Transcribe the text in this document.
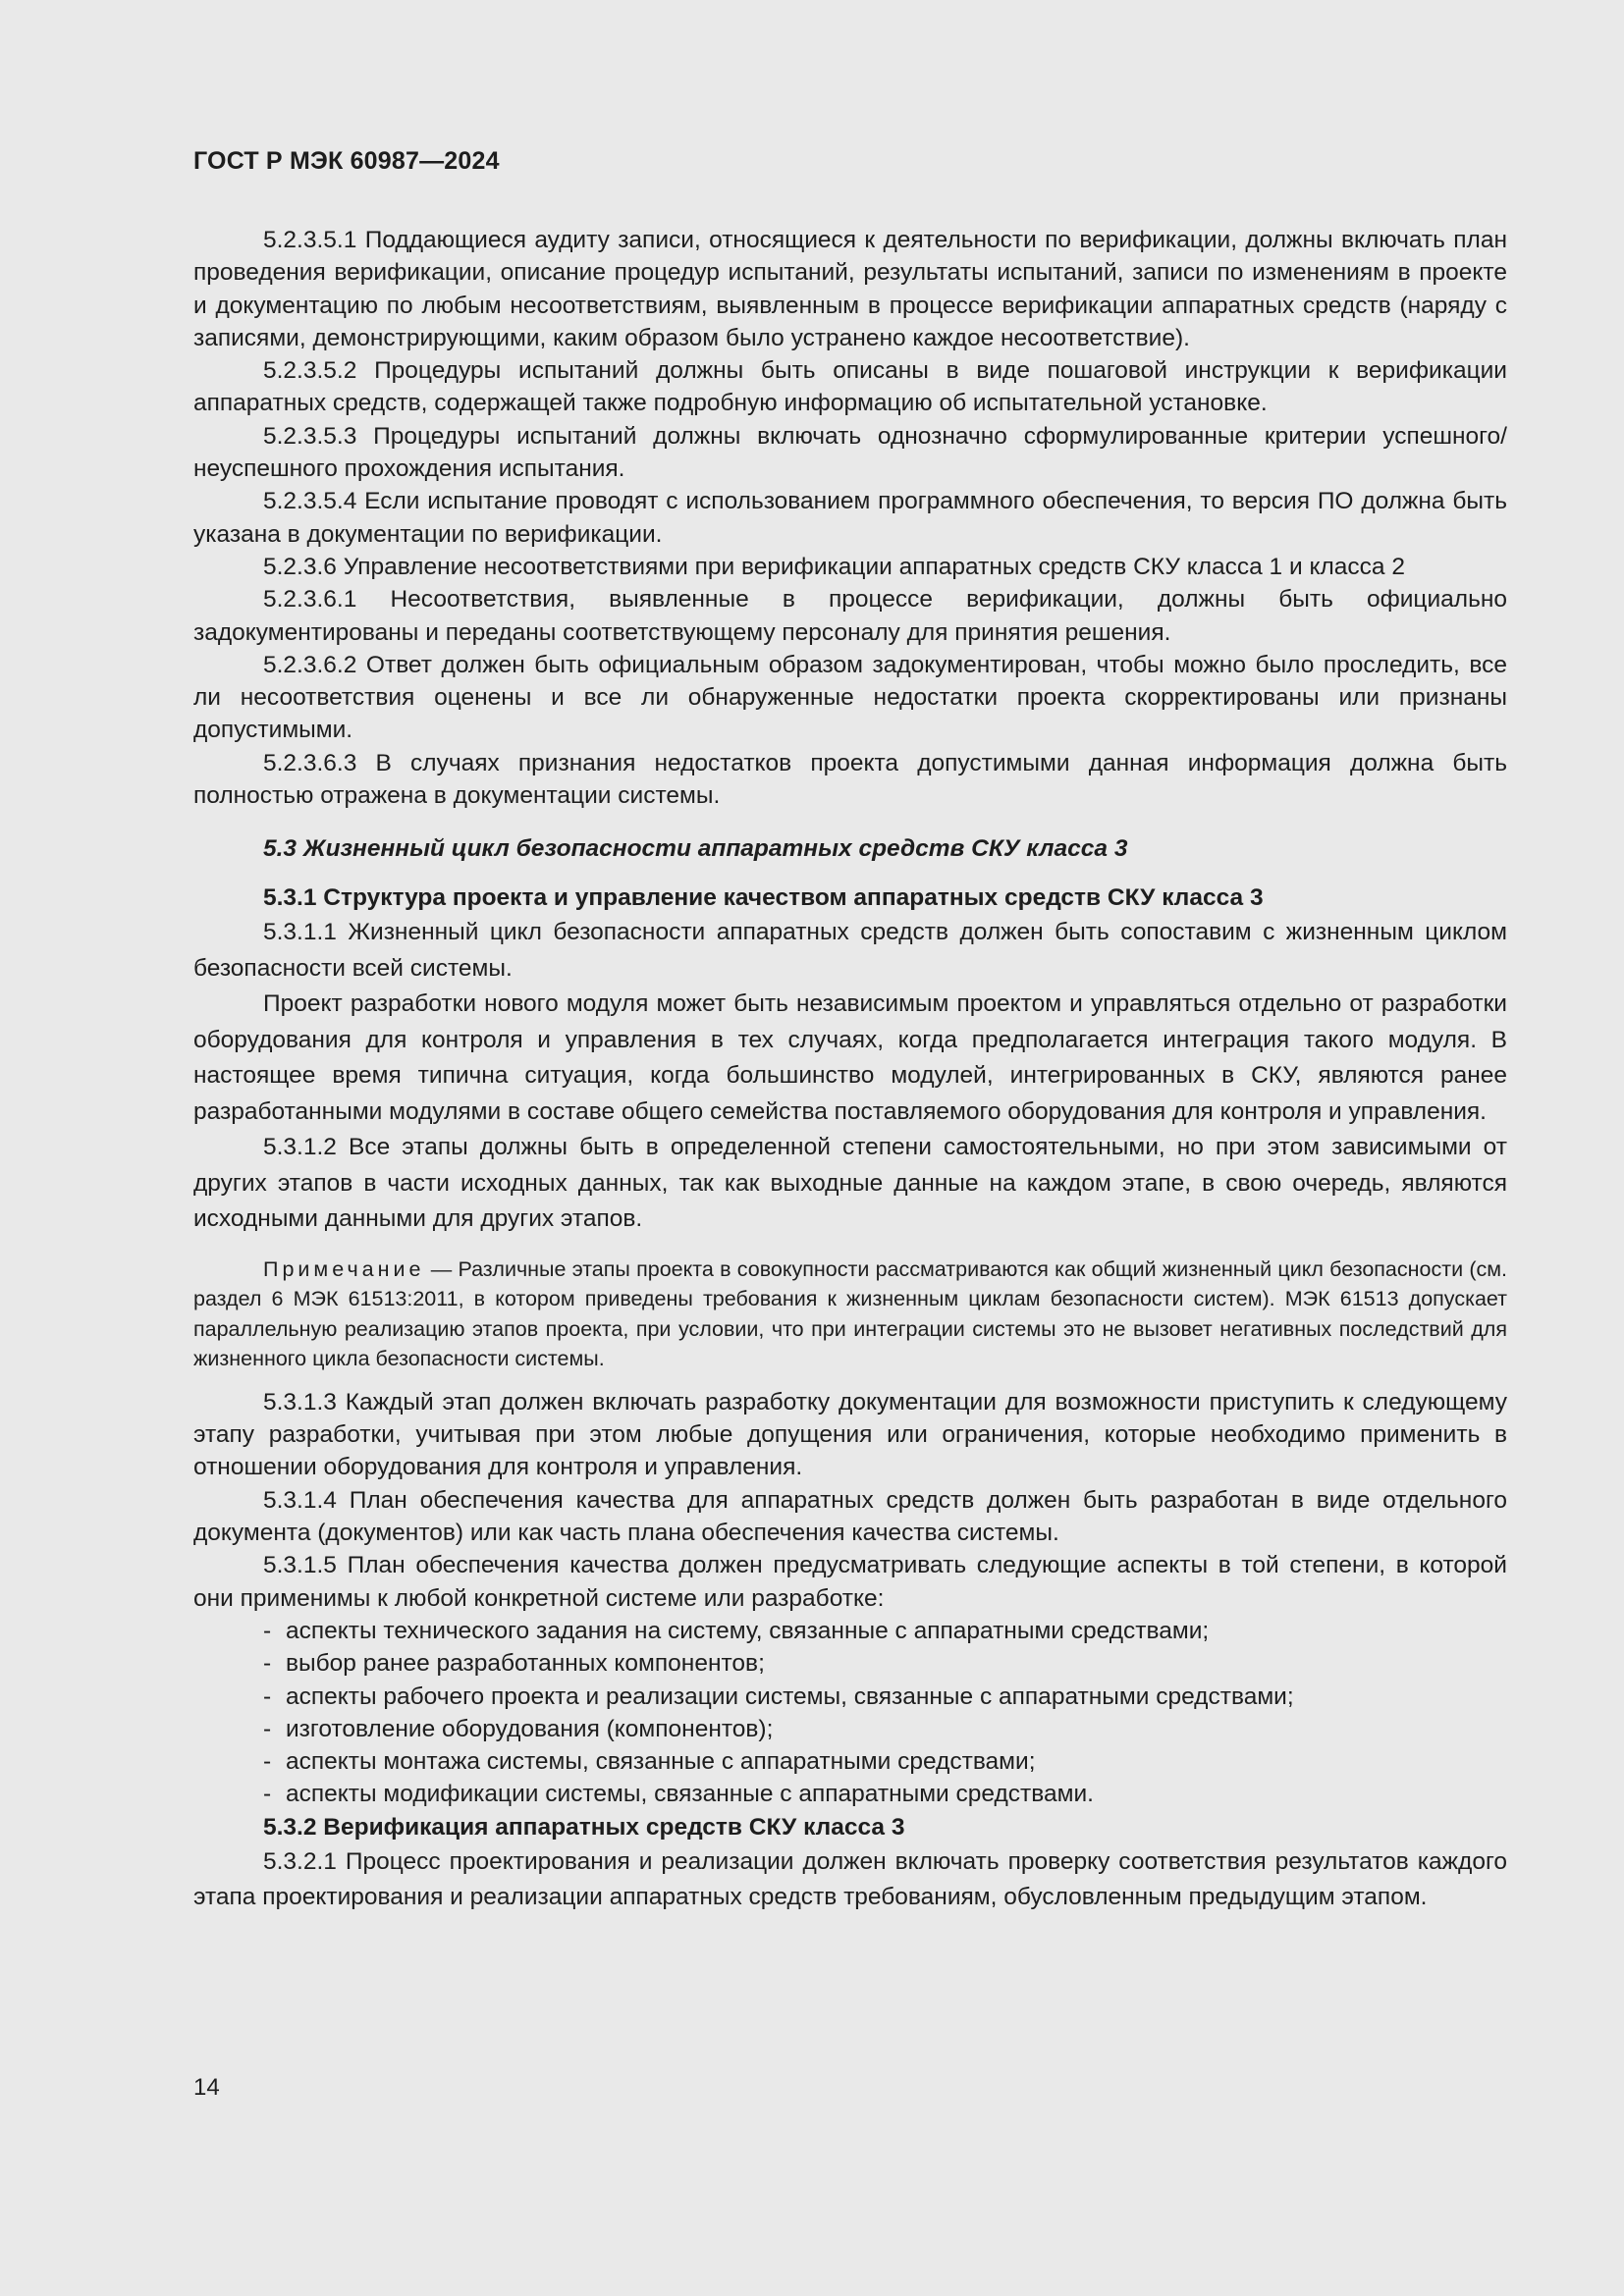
ГОСТ Р МЭК 60987—2024

5.2.3.5.1 Поддающиеся аудиту записи, относящиеся к деятельности по верификации, должны включать план проведения верификации, описание процедур испытаний, результаты испытаний, записи по изменениям в проекте и документацию по любым несоответствиям, выявленным в процессе верификации аппаратных средств (наряду с записями, демонстрирующими, каким образом было устранено каждое несоответствие).

5.2.3.5.2 Процедуры испытаний должны быть описаны в виде пошаговой инструкции к верификации аппаратных средств, содержащей также подробную информацию об испытательной установке.

5.2.3.5.3 Процедуры испытаний должны включать однозначно сформулированные критерии успешного/неуспешного прохождения испытания.

5.2.3.5.4 Если испытание проводят с использованием программного обеспечения, то версия ПО должна быть указана в документации по верификации.

5.2.3.6 Управление несоответствиями при верификации аппаратных средств СКУ класса 1 и класса 2

5.2.3.6.1 Несоответствия, выявленные в процессе верификации, должны быть официально задокументированы и переданы соответствующему персоналу для принятия решения.

5.2.3.6.2 Ответ должен быть официальным образом задокументирован, чтобы можно было проследить, все ли несоответствия оценены и все ли обнаруженные недостатки проекта скорректированы или признаны допустимыми.

5.2.3.6.3 В случаях признания недостатков проекта допустимыми данная информация должна быть полностью отражена в документации системы.

5.3 Жизненный цикл безопасности аппаратных средств СКУ класса 3
5.3.1 Структура проекта и управление качеством аппаратных средств СКУ класса 3

5.3.1.1 Жизненный цикл безопасности аппаратных средств должен быть сопоставим с жизненным циклом безопасности всей системы.

Проект разработки нового модуля может быть независимым проектом и управляться отдельно от разработки оборудования для контроля и управления в тех случаях, когда предполагается интеграция такого модуля. В настоящее время типична ситуация, когда большинство модулей, интегрированных в СКУ, являются ранее разработанными модулями в составе общего семейства поставляемого оборудования для контроля и управления.

5.3.1.2 Все этапы должны быть в определенной степени самостоятельными, но при этом зависимыми от других этапов в части исходных данных, так как выходные данные на каждом этапе, в свою очередь, являются исходными данными для других этапов.

Примечание — Различные этапы проекта в совокупности рассматриваются как общий жизненный цикл безопасности (см. раздел 6 МЭК 61513:2011, в котором приведены требования к жизненным циклам безопасности систем). МЭК 61513 допускает параллельную реализацию этапов проекта, при условии, что при интеграции системы это не вызовет негативных последствий для жизненного цикла безопасности системы.

5.3.1.3 Каждый этап должен включать разработку документации для возможности приступить к следующему этапу разработки, учитывая при этом любые допущения или ограничения, которые необходимо применить в отношении оборудования для контроля и управления.

5.3.1.4 План обеспечения качества для аппаратных средств должен быть разработан в виде отдельного документа (документов) или как часть плана обеспечения качества системы.

5.3.1.5 План обеспечения качества должен предусматривать следующие аспекты в той степени, в которой они применимы к любой конкретной системе или разработке:

- аспекты технического задания на систему, связанные с аппаратными средствами;
- выбор ранее разработанных компонентов;
- аспекты рабочего проекта и реализации системы, связанные с аппаратными средствами;
- изготовление оборудования (компонентов);
- аспекты монтажа системы, связанные с аппаратными средствами;
- аспекты модификации системы, связанные с аппаратными средствами.
5.3.2 Верификация аппаратных средств СКУ класса 3

5.3.2.1 Процесс проектирования и реализации должен включать проверку соответствия результатов каждого этапа проектирования и реализации аппаратных средств требованиям, обусловленным предыдущим этапом.

14
